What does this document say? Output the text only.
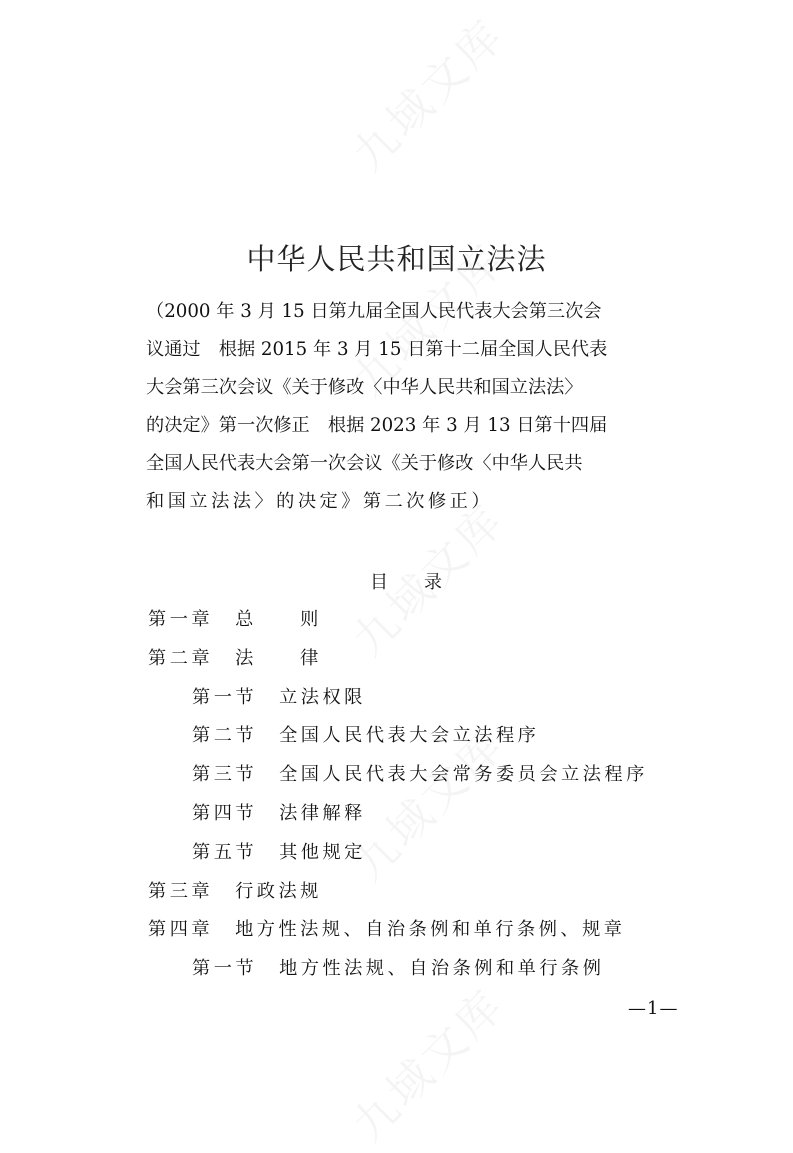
中华人民共和国立法法
（2000 年 3 月 15 日第九届全国人民代表大会第三次会
议通过　根据 2015 年 3 月 15 日第十二届全国人民代表
大会第三次会议《关于修改〈中华人民共和国立法法〉
的决定》第一次修正　根据 2023 年 3 月 13 日第十四届
全国人民代表大会第一次会议《关于修改〈中华人民共
和国立法法〉的决定》第二次修正）
目　　录
第一章 总　　则
第二章 法　　律
第一节 立法权限
第二节 全国人民代表大会立法程序
第三节 全国人民代表大会常务委员会立法程序
第四节 法律解释
第五节 其他规定
第三章 行政法规
第四章 地方性法规、自治条例和单行条例、规章
第一节 地方性法规、自治条例和单行条例
—1—
